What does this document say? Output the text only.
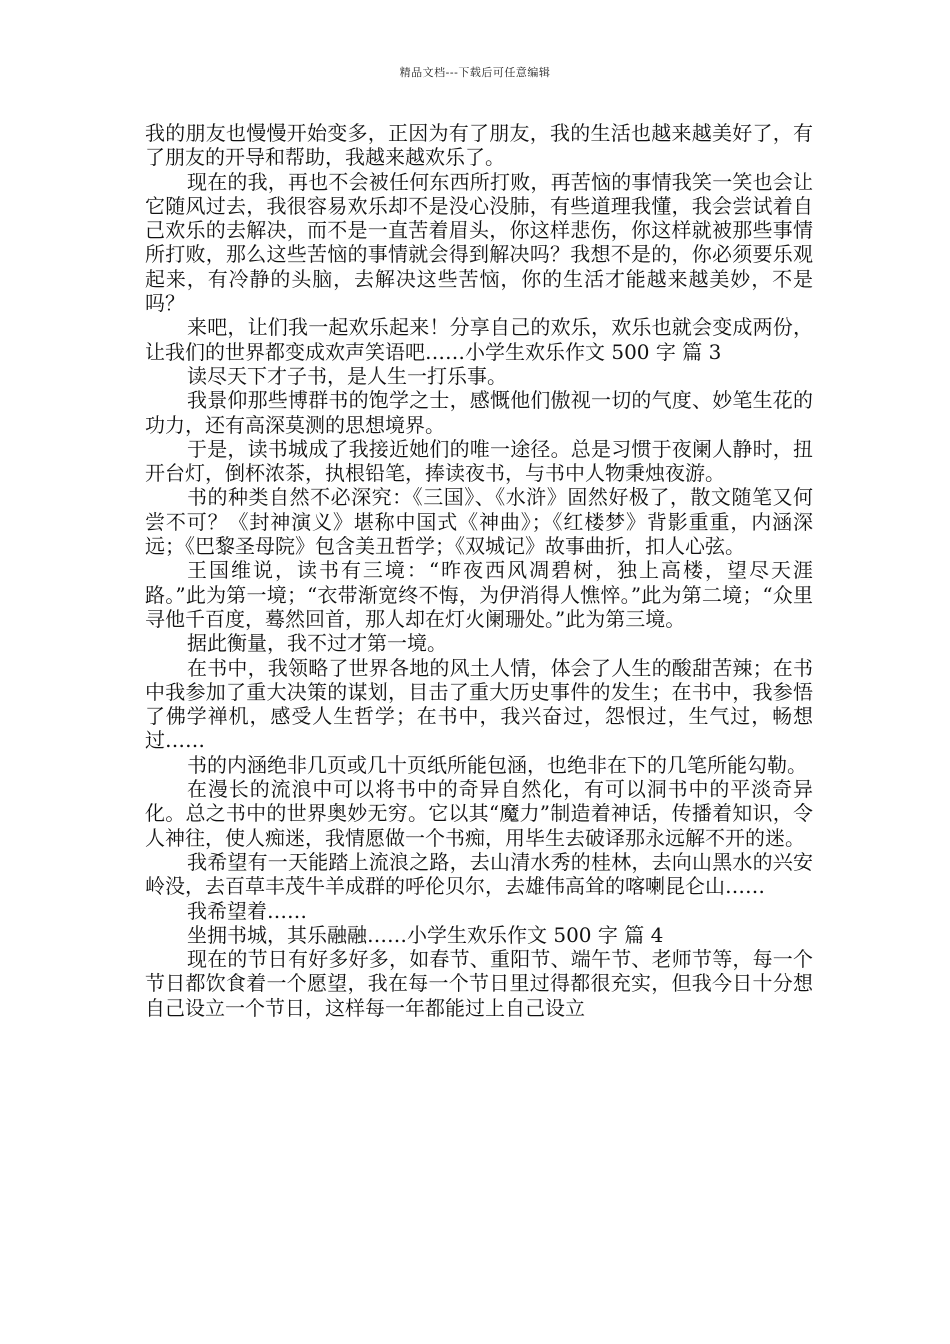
精品文档---下载后可任意编辑

我的朋友也慢慢开始变多，正因为有了朋友，我的生活也越来越美好了，有了朋友的开导和帮助，我越来越欢乐了。

现在的我，再也不会被任何东西所打败，再苦恼的事情我笑一笑也会让它随风过去，我很容易欢乐却不是没心没肺，有些道理我懂，我会尝试着自己欢乐的去解决，而不是一直苦着眉头，你这样悲伤，你这样就被那些事情所打败，那么这些苦恼的事情就会得到解决吗？我想不是的，你必须要乐观起来，有冷静的头脑，去解决这些苦恼，你的生活才能越来越美妙，不是吗？

来吧，让们我一起欢乐起来！分享自己的欢乐，欢乐也就会变成两份，让我们的世界都变成欢声笑语吧……小学生欢乐作文 500 字 篇 3

读尽天下才子书，是人生一打乐事。

我景仰那些博群书的饱学之士，感慨他们傲视一切的气度、妙笔生花的功力，还有高深莫测的思想境界。

于是，读书城成了我接近她们的唯一途径。总是习惯于夜阑人静时，扭开台灯，倒杯浓茶，执根铅笔，捧读夜书，与书中人物秉烛夜游。

书的种类自然不必深究：《三国》、《水浒》固然好极了，散文随笔又何尝不可？《封神演义》堪称中国式《神曲》；《红楼梦》背影重重，内涵深远；《巴黎圣母院》包含美丑哲学；《双城记》故事曲折，扣人心弦。

王国维说，读书有三境：“昨夜西风凋碧树，独上高楼，望尽天涯路。”此为第一境；“衣带渐宽终不悔，为伊消得人憔悴。”此为第二境；“众里寻他千百度，蓦然回首，那人却在灯火阑珊处。”此为第三境。

据此衡量，我不过才第一境。

在书中，我领略了世界各地的风土人情，体会了人生的酸甜苦辣；在书中我参加了重大决策的谋划，目击了重大历史事件的发生；在书中，我参悟了佛学禅机，感受人生哲学；在书中，我兴奋过，怨恨过，生气过，畅想过……

书的内涵绝非几页或几十页纸所能包涵，也绝非在下的几笔所能勾勒。

在漫长的流浪中可以将书中的奇异自然化，有可以洞书中的平淡奇异化。总之书中的世界奥妙无穷。它以其“魔力”制造着神话，传播着知识，令人神往，使人痴迷，我情愿做一个书痴，用毕生去破译那永远解不开的迷。

我希望有一天能踏上流浪之路，去山清水秀的桂林，去向山黑水的兴安岭没，去百草丰茂牛羊成群的呼伦贝尔，去雄伟高耸的喀喇昆仑山……

我希望着……

坐拥书城，其乐融融……小学生欢乐作文 500 字 篇 4

现在的节日有好多好多，如春节、重阳节、端午节、老师节等，每一个节日都饮食着一个愿望，我在每一个节日里过得都很充实，但我今日十分想自己设立一个节日，这样每一年都能过上自己设立
